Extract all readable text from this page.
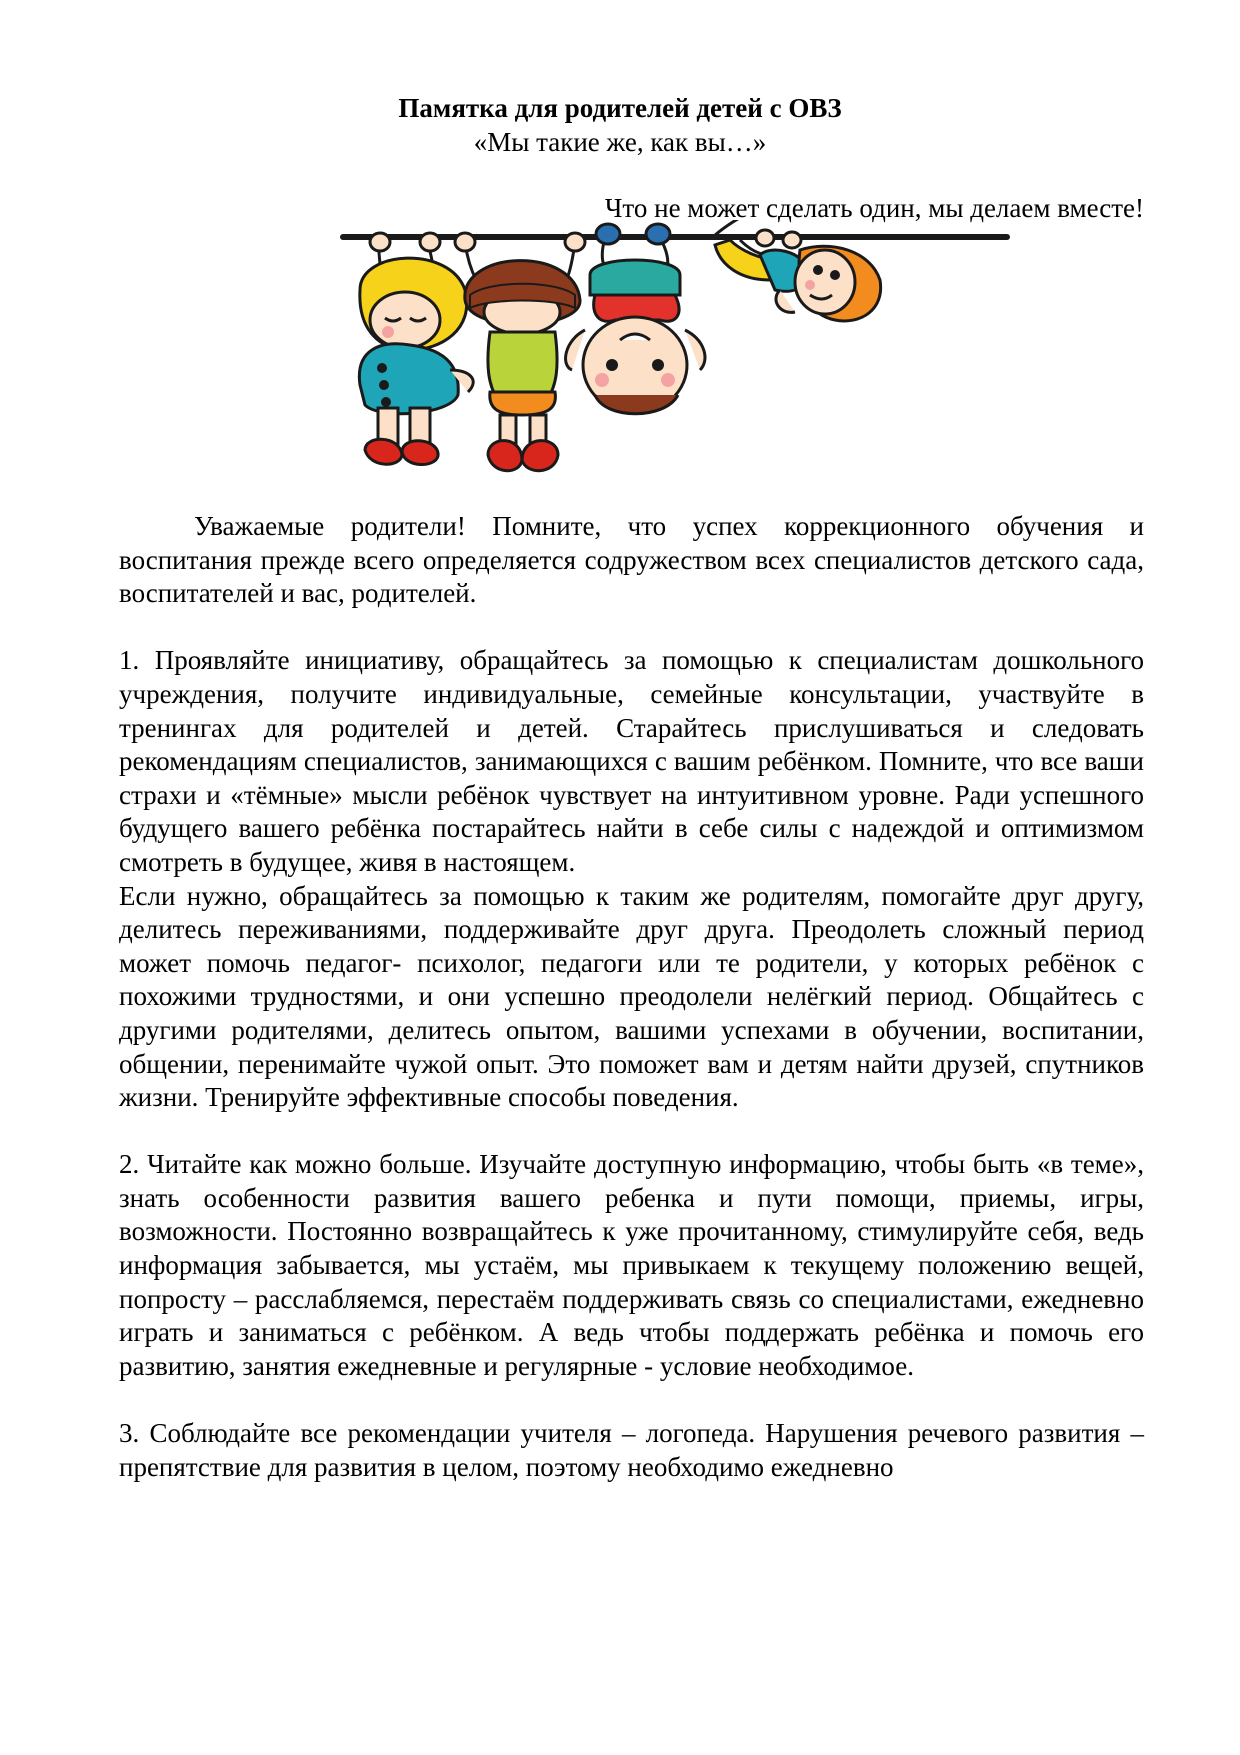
Памятка для родителей детей с ОВЗ
«Мы такие же, как вы…»
Что не может сделать один, мы делаем вместе!

Уважаемые родители! Помните, что успех коррекционного обучения и воспитания прежде всего определяется содружеством всех специалистов детского сада, воспитателей и вас, родителей.

1. Проявляйте инициативу, обращайтесь за помощью к специалистам дошкольного учреждения, получите индивидуальные, семейные консультации, участвуйте в тренингах для родителей и детей. Старайтесь прислушиваться и следовать рекомендациям специалистов, занимающихся с вашим ребёнком. Помните, что все ваши страхи и «тёмные» мысли ребёнок чувствует на интуитивном уровне. Ради успешного будущего вашего ребёнка постарайтесь найти в себе силы с надеждой и оптимизмом смотреть в будущее, живя в настоящем.

Если нужно, обращайтесь за помощью к таким же родителям, помогайте друг другу, делитесь переживаниями, поддерживайте друг друга. Преодолеть сложный период может помочь педагог- психолог, педагоги или те родители, у которых ребёнок с похожими трудностями, и они успешно преодолели нелёгкий период. Общайтесь с другими родителями, делитесь опытом, вашими успехами в обучении, воспитании, общении, перенимайте чужой опыт. Это поможет вам и детям найти друзей, спутников жизни. Тренируйте эффективные способы поведения.

2. Читайте как можно больше. Изучайте доступную информацию, чтобы быть «в теме», знать особенности развития вашего ребенка и пути помощи, приемы, игры, возможности. Постоянно возвращайтесь к уже прочитанному, стимулируйте себя, ведь информация забывается, мы устаём, мы привыкаем к текущему положению вещей, попросту – расслабляемся, перестаём поддерживать связь со специалистами, ежедневно играть и заниматься с ребёнком. А ведь чтобы поддержать ребёнка и помочь его развитию, занятия ежедневные и регулярные - условие необходимое.

3. Соблюдайте все рекомендации учителя – логопеда. Нарушения речевого развития – препятствие для развития в целом, поэтому необходимо ежедневно
